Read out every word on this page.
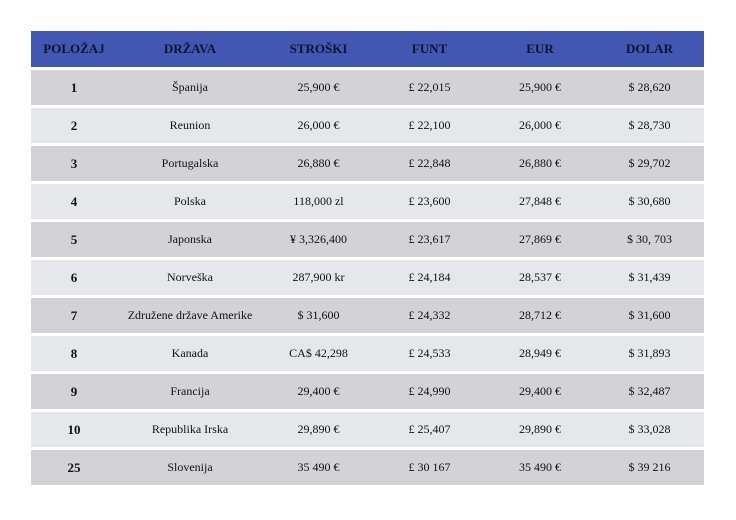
POLOŽAJ	DRŽAVA	STROŠKI	FUNT	EUR	DOLAR
1	Španija	25,900 €	£ 22,015	25,900 €	$ 28,620
2	Reunion	26,000 €	£ 22,100	26,000 €	$ 28,730
3	Portugalska	26,880 €	£ 22,848	26,880 €	$ 29,702
4	Polska	118,000 zl	£ 23,600	27,848 €	$ 30,680
5	Japonska	¥ 3,326,400	£ 23,617	27,869 €	$ 30, 703
6	Norveška	287,900 kr	£ 24,184	28,537 €	$ 31,439
7	Združene države Amerike	$ 31,600	£ 24,332	28,712 €	$ 31,600
8	Kanada	CA$ 42,298	£ 24,533	28,949 €	$ 31,893
9	Francija	29,400 €	£ 24,990	29,400 €	$ 32,487
10	Republika Irska	29,890 €	£ 25,407	29,890 €	$ 33,028
25	Slovenija	35 490 €	£ 30 167	35 490 €	$ 39 216
